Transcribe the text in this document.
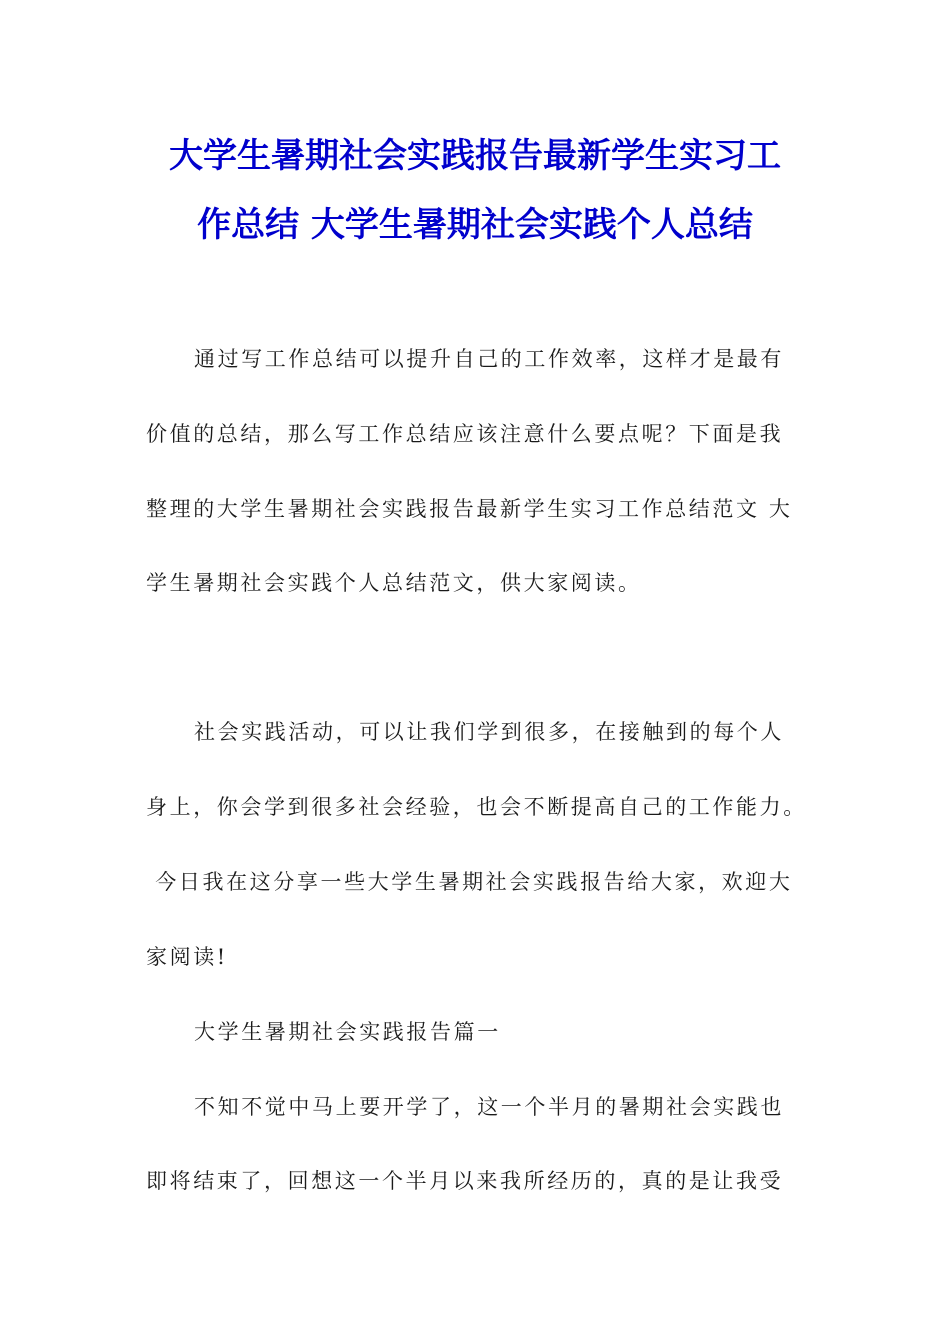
大学生暑期社会实践报告最新学生实习工
作总结 大学生暑期社会实践个人总结
通过写工作总结可以提升自己的工作效率，这样才是最有
价值的总结，那么写工作总结应该注意什么要点呢？下面是我
整理的大学生暑期社会实践报告最新学生实习工作总结范文 大
学生暑期社会实践个人总结范文，供大家阅读。
社会实践活动，可以让我们学到很多，在接触到的每个人
身上，你会学到很多社会经验，也会不断提高自己的工作能力。
今日我在这分享一些大学生暑期社会实践报告给大家，欢迎大
家阅读!
大学生暑期社会实践报告篇一
不知不觉中马上要开学了，这一个半月的暑期社会实践也
即将结束了，回想这一个半月以来我所经历的，真的是让我受
